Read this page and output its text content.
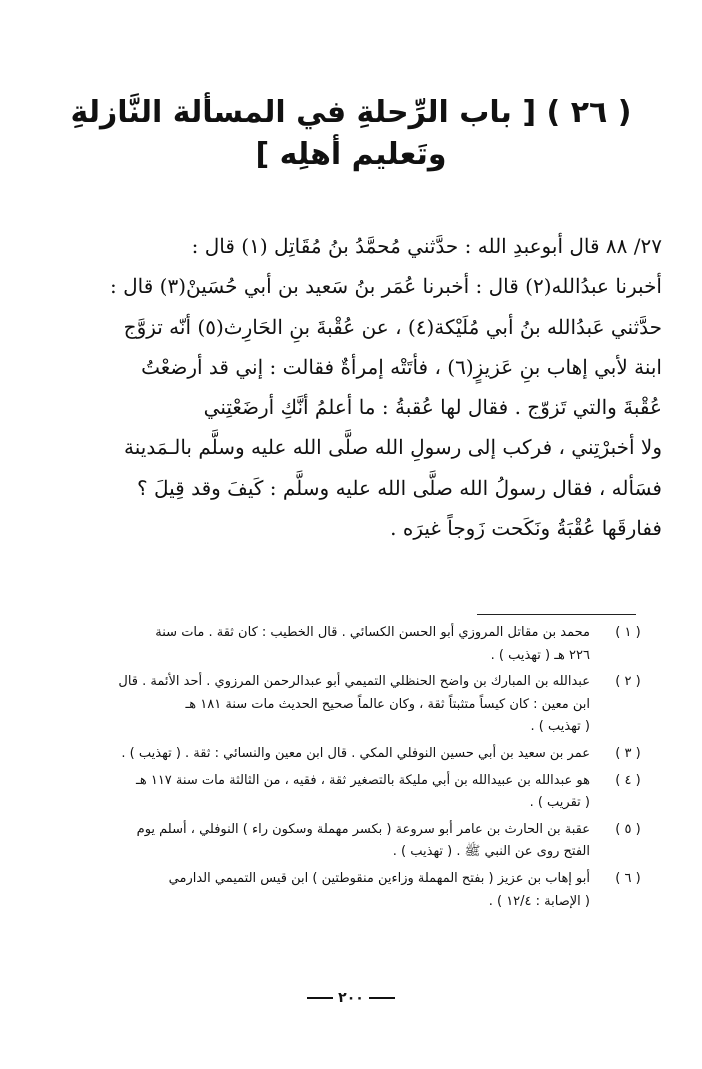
( ٢٦ ) [ باب الرِّحلةِ في المسألة النَّازلةِ
وتَعليم أهلِه ]
٢٧/ ٨٨ قال أبوعبدِ الله : حدَّثني مُحمَّدُ بنُ مُقَاتِل (١) قال :
أخبرنا عبدُالله(٢) قال : أخبرنا عُمَر بنُ سَعيد بن أبي حُسَينْ(٣) قال :
حدَّثني عَبدُالله بنُ أبي مُلَيْكة(٤) ، عن عُقْبةَ بنِ الحَارِث(٥) أنّه تزوَّج
ابنة لأبي إهاب بنِ عَزيزٍ(٦) ، فأتَتْه إمرأةٌ فقالت : إني قد أرضعْتُ
عُقْبةَ والتي تَزوّج . فقال لها عُقبةُ : ما أعلمُ أنَّكِ أرضَعْتِني
ولا أخبرْتِني ، فركب إلى رسولِ الله صلَّى الله عليه وسلَّم بالـمَدينة
فسَأله ، فقال رسولُ الله صلَّى الله عليه وسلَّم : كَيفَ وقد قِيلَ ؟
ففارقَها عُقْبَةُ ونَكَحت زَوجاً غيرَه .
( ١ )
محمد بن مقاتل المروزي أبو الحسن الكسائي . قال الخطيب : كان ثقة . مات سنة
٢٢٦ هـ ( تهذيب ) .
( ٢ )
عبدالله بن المبارك بن واضح الحنظلي التميمي أبو عبدالرحمن المرزوي . أحد الأئمة . قال
ابن معين : كان كيساً متثبتاً ثقة ، وكان عالماً صحيح الحديث مات سنة ١٨١ هـ
( تهذيب ) .
( ٣ )
عمر بن سعيد بن أبي حسين النوفلي المكي . قال ابن معين والنسائي : ثقة . ( تهذيب ) .
( ٤ )
هو عبدالله بن عبيدالله بن أبي مليكة بالتصغير ثقة ، فقيه ، من الثالثة مات سنة ١١٧ هـ
( تقريب ) .
( ٥ )
عقبة بن الحارث بن عامر أبو سروعة ( بكسر مهملة وسكون راء ) النوفلي ، أسلم يوم
الفتح روى عن النبي ﷺ . ( تهذيب ) .
( ٦ )
أبو إهاب بن عزيز ( بفتح المهملة وزاءين منقوطتين ) ابن قيس التميمي الدارمي
( الإصابة : ١٢/٤ ) .
٢٠٠
